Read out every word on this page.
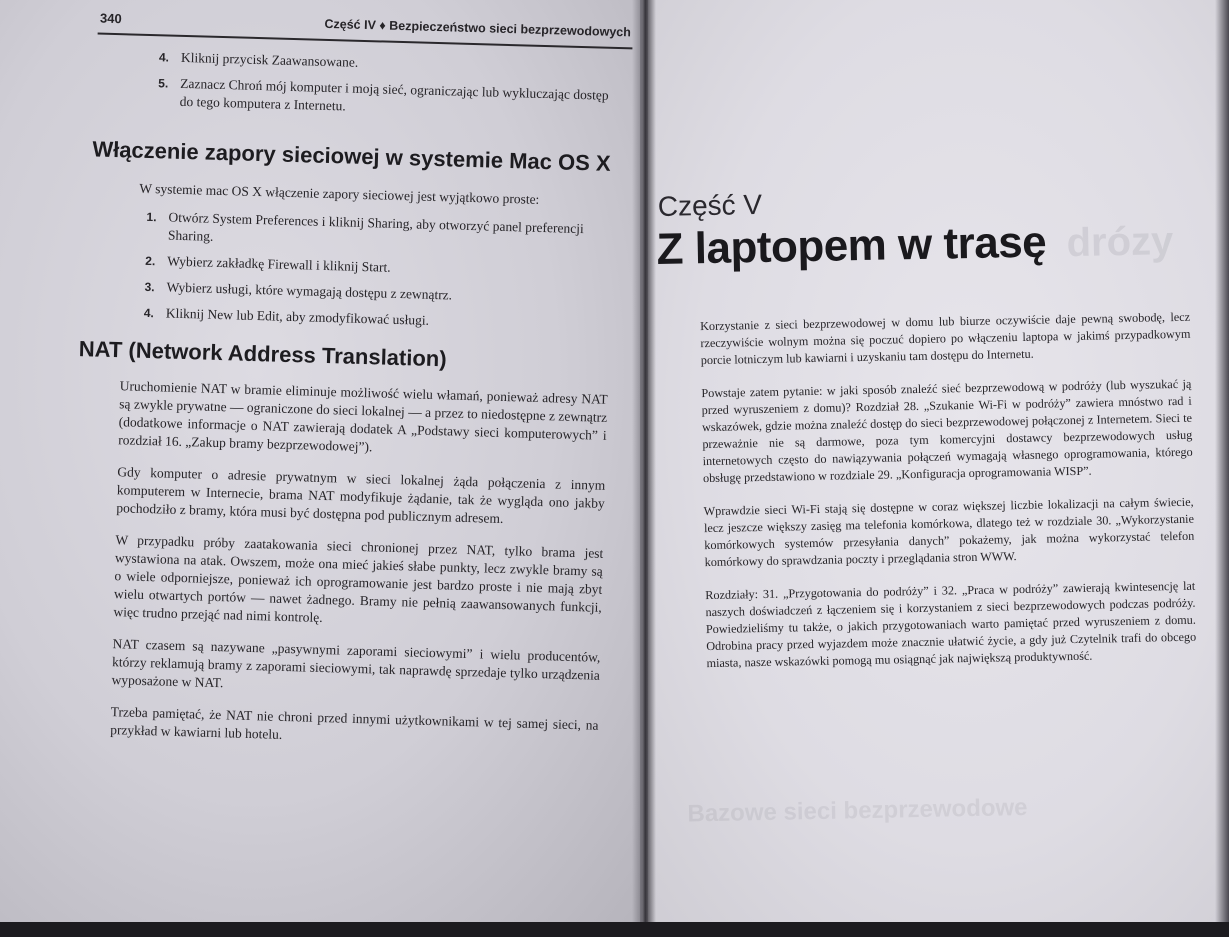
340	Część IV ♦ Bezpieczeństwo sieci bezprzewodowych
4. Kliknij przycisk Zaawansowane.
5. Zaznacz Chroń mój komputer i moją sieć, ograniczając lub wykluczając dostęp do tego komputera z Internetu.
Włączenie zapory sieciowej w systemie Mac OS X

W systemie mac OS X włączenie zapory sieciowej jest wyjątkowo proste:

1. Otwórz System Preferences i kliknij Sharing, aby otworzyć panel preferencji Sharing.
2. Wybierz zakładkę Firewall i kliknij Start.
3. Wybierz usługi, które wymagają dostępu z zewnątrz.
4. Kliknij New lub Edit, aby zmodyfikować usługi.
NAT (Network Address Translation)

Uruchomienie NAT w bramie eliminuje możliwość wielu włamań, ponieważ adresy NAT są zwykle prywatne — ograniczone do sieci lokalnej — a przez to niedostępne z zewnątrz (dodatkowe informacje o NAT zawierają dodatek A „Podstawy sieci komputerowych” i rozdział 16. „Zakup bramy bezprzewodowej”).

Gdy komputer o adresie prywatnym w sieci lokalnej żąda połączenia z innym komputerem w Internecie, brama NAT modyfikuje żądanie, tak że wygląda ono jakby pochodziło z bramy, która musi być dostępna pod publicznym adresem.

W przypadku próby zaatakowania sieci chronionej przez NAT, tylko brama jest wystawiona na atak. Owszem, może ona mieć jakieś słabe punkty, lecz zwykle bramy są o wiele odporniejsze, ponieważ ich oprogramowanie jest bardzo proste i nie mają zbyt wielu otwartych portów — nawet żadnego. Bramy nie pełnią zaawansowanych funkcji, więc trudno przejąć nad nimi kontrolę.

NAT czasem są nazywane „pasywnymi zaporami sieciowymi” i wielu producentów, którzy reklamują bramy z zaporami sieciowymi, tak naprawdę sprzedaje tylko urządzenia wyposażone w NAT.

Trzeba pamiętać, że NAT nie chroni przed innymi użytkownikami w tej samej sieci, na przykład w kawiarni lub hotelu.

drózy
Część V
Z laptopem w trasę

Korzystanie z sieci bezprzewodowej w domu lub biurze oczywiście daje pewną swobodę, lecz rzeczywiście wolnym można się poczuć dopiero po włączeniu laptopa w jakimś przypadkowym porcie lotniczym lub kawiarni i uzyskaniu tam dostępu do Internetu.

Powstaje zatem pytanie: w jaki sposób znaleźć sieć bezprzewodową w podróży (lub wyszukać ją przed wyruszeniem z domu)? Rozdział 28. „Szukanie Wi-Fi w podróży” zawiera mnóstwo rad i wskazówek, gdzie można znaleźć dostęp do sieci bezprzewodowej połączonej z Internetem. Sieci te przeważnie nie są darmowe, poza tym komercyjni dostawcy bezprzewodowych usług internetowych często do nawiązywania połączeń wymagają własnego oprogramowania, którego obsługę przedstawiono w rozdziale 29. „Konfiguracja oprogramowania WISP”.

Wprawdzie sieci Wi-Fi stają się dostępne w coraz większej liczbie lokalizacji na całym świecie, lecz jeszcze większy zasięg ma telefonia komórkowa, dlatego też w rozdziale 30. „Wykorzystanie komórkowych systemów przesyłania danych” pokażemy, jak można wykorzystać telefon komórkowy do sprawdzania poczty i przeglądania stron WWW.

Rozdziały: 31. „Przygotowania do podróży” i 32. „Praca w podróży” zawierają kwintesencję lat naszych doświadczeń z łączeniem się i korzystaniem z sieci bezprzewodowych podczas podróży. Powiedzieliśmy tu także, o jakich przygotowaniach warto pamiętać przed wyruszeniem z domu. Odrobina pracy przed wyjazdem może znacznie ułatwić życie, a gdy już Czytelnik trafi do obcego miasta, nasze wskazówki pomogą mu osiągnąć jak największą produktywność.

Bazowe sieci bezprzewodowe
